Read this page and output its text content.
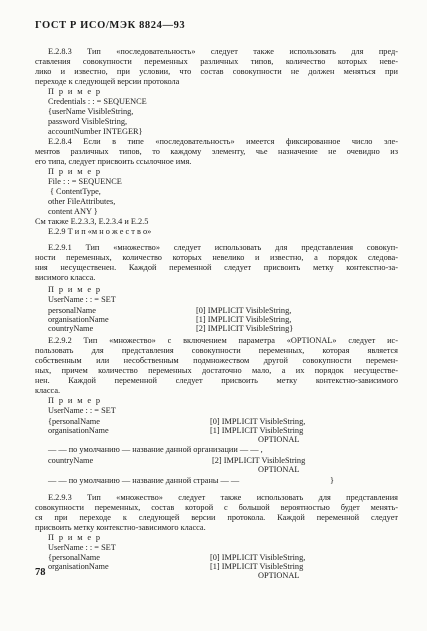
ГОСТ Р ИСО/МЭК 8824—93
Е.2.8.3 Тип «последовательность» следует также использовать для пред-
ставления совокупности переменных различных типов, количество которых неве-
лико и известно, при условии, что состав совокупности не должен меняться при
переходе к следующей версии протокола
П р и м е р
Credentials : : = SEQUENCE
{userName VisibleString,
password VisibleString,
accountNumber INTEGER}
Е.2.8.4 Если в типе «последовательность» имеется фиксированное число эле-
ментов различных типов, то каждому элементу, чье назначение не очевидно из
его типа, следует присвоить ссылочное имя.
П р и м е р
File : : = SEQUENCE
{ ContentType,
other FileAttributes,
content ANY }
См также Е.2.3.3, Е.2.3.4 и Е.2.5
Е.2.9 Т и п «м н о ж е с т в о»
Е.2.9.1 Тип «множество» следует использовать для представления совокуп-
ности переменных, количество которых невелико и известно, а порядок следова-
ния несущественен. Каждой переменной следует присвоить метку контекстно-за-
висимого класса.
П р и м е р
UserName : : = SET
personalName
organisationName
countryName
[0] IMPLICIT VisibleString,
[1] IMPLICIT VisibleString,
[2] IMPLICIT VisibleString}
Е.2.9.2 Тип «множество» с включением параметра «OPTIONAL» следует ис-
пользовать для представления совокупности переменных, которая является
собственным или несобственным подмножеством другой совокупности перемен-
ных, причем количество переменных достаточно мало, а их порядок несуществе-
нен. Каждой переменной следует присвоить метку контекстно-зависимого
класса.
П р и м е р
UserName : : = SET
{personalName
organisationName
[0] IMPLICIT VisibleString,
[1] IMPLICIT VisibleString
OPTIONAL
— — по умолчанию — название данной организации — — ,
countryName	[2] IMPLICIT VisibleString
OPTIONAL
— — по умолчанию — название данной страны — —	}
Е.2.9.3 Тип «множество» следует также использовать для представления
совокупности переменных, состав которой с большой вероятностью будет менять-
ся при переходе к следующей версии протокола. Каждой переменной следует
присвоить метку контекстно-зависимого класса.
П р и м е р
UserName : : = SET
{personalName
organisationName
[0] IMPLICIT VisibleString,
[1] IMPLICIT VisibleString
OPTIONAL
78
